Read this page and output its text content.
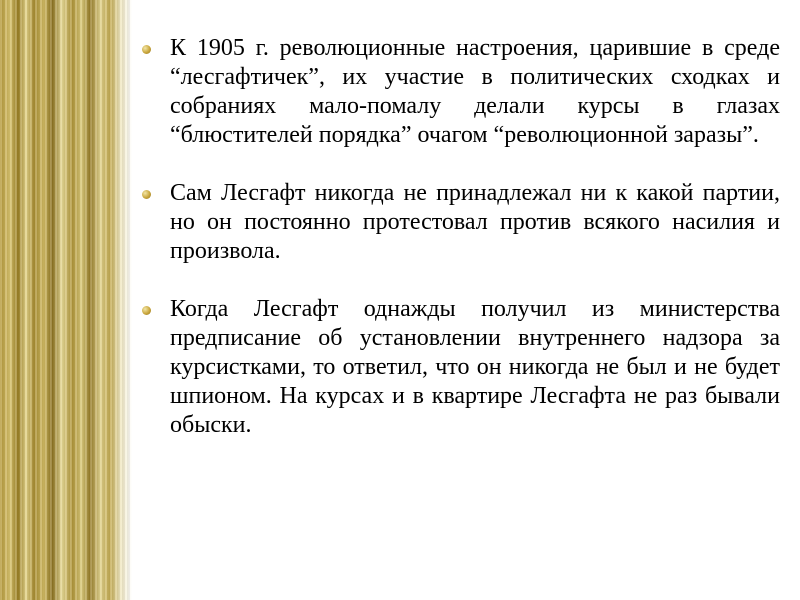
К 1905 г. революционные настроения, царившие в среде “лесгафтичек”, их участие в политических сходках и собраниях мало-помалу делали курсы в глазах “блюстителей порядка” очагом “революционной заразы”.
Сам Лесгафт никогда не принадлежал ни к какой партии, но он постоянно протестовал против всякого насилия и произвола.
Когда Лесгафт однажды получил из министерства предписание об установлении внутреннего надзора за курсистками, то ответил, что он никогда не был и не будет шпионом. На курсах и в квартире Лесгафта не раз бывали обыски.
